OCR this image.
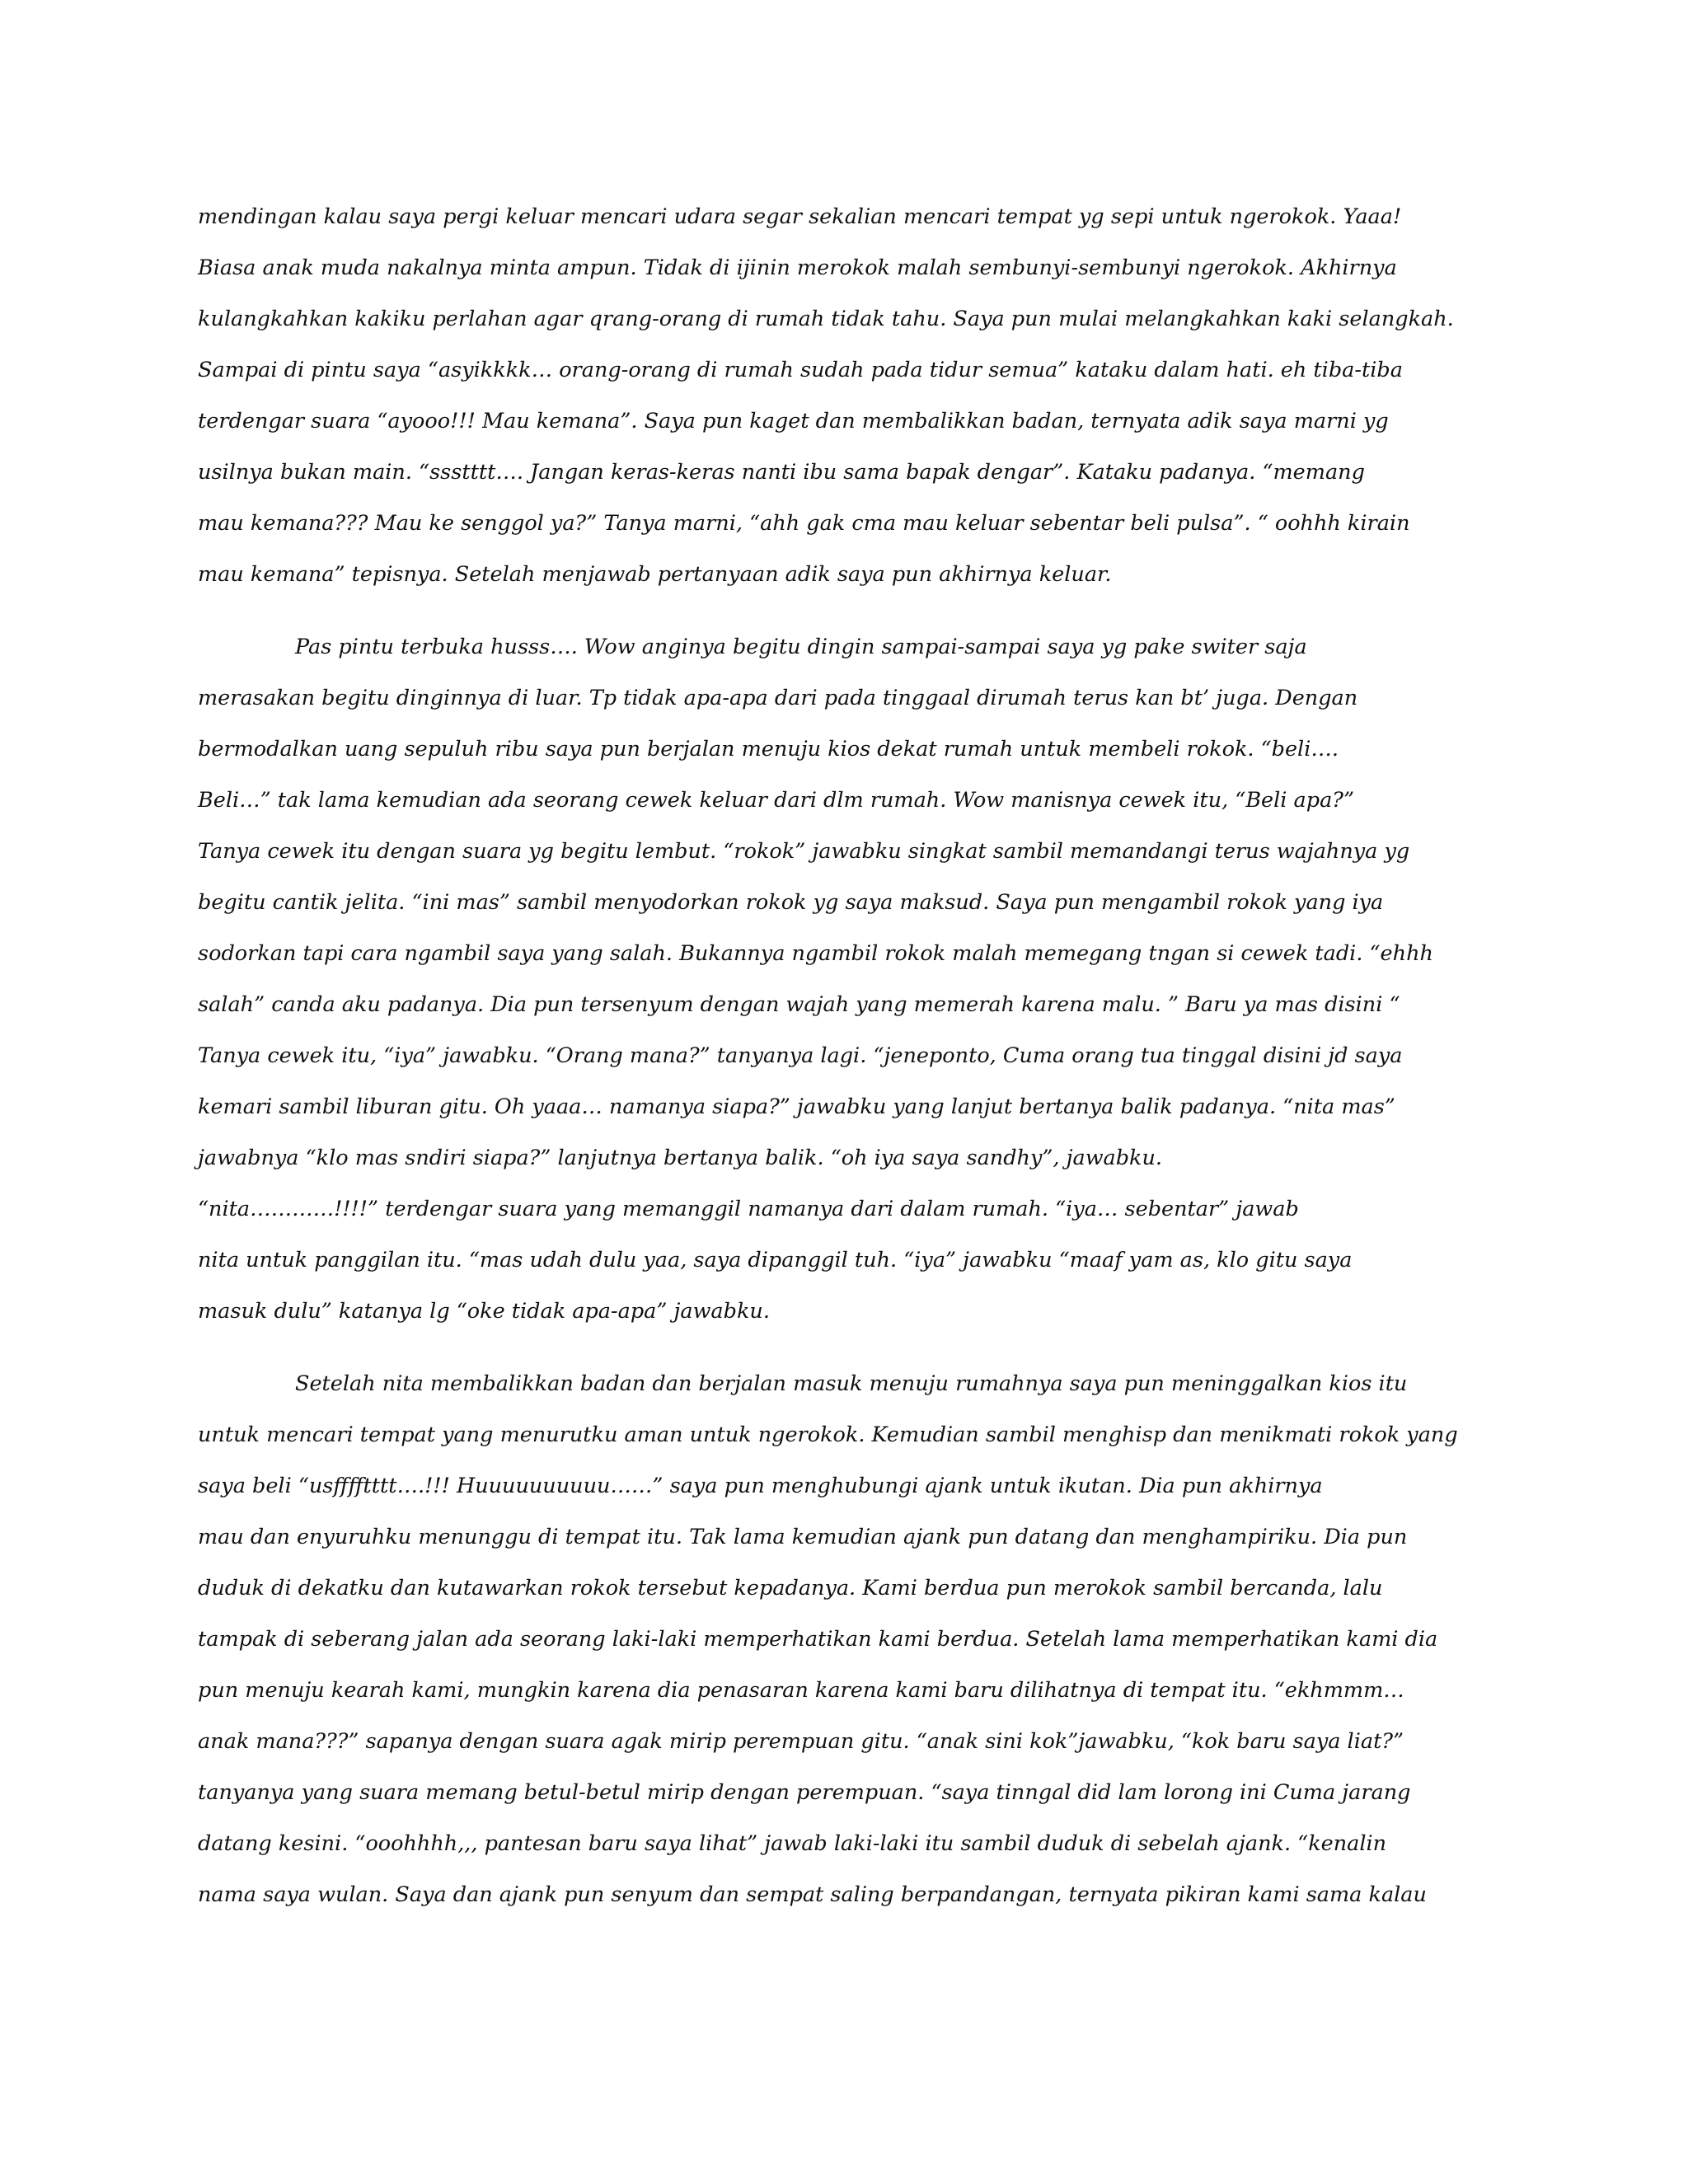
mendingan kalau saya pergi keluar mencari udara segar sekalian mencari tempat yg sepi untuk ngerokok. Yaaa!
Biasa anak muda nakalnya minta ampun. Tidak di ijinin merokok malah sembunyi-sembunyi ngerokok. Akhirnya
kulangkahkan kakiku perlahan agar qrang-orang di rumah tidak tahu. Saya pun mulai melangkahkan kaki selangkah.
Sampai di pintu saya “asyikkkk… orang-orang di rumah sudah pada tidur semua” kataku dalam hati. eh tiba-tiba
terdengar suara “ayooo!!! Mau kemana”. Saya pun kaget dan membalikkan badan, ternyata adik saya marni yg
usilnya bukan main. “ssstttt…. Jangan keras-keras nanti ibu sama bapak dengar”. Kataku padanya. “memang
mau kemana??? Mau ke senggol ya?” Tanya marni, “ahh gak cma mau keluar sebentar beli pulsa”. “ oohhh kirain
mau kemana” tepisnya. Setelah menjawab pertanyaan adik saya pun akhirnya keluar.
Pas pintu terbuka husss…. Wow anginya begitu dingin sampai-sampai saya yg pake switer saja
merasakan begitu dinginnya di luar. Tp tidak apa-apa dari pada tinggaal dirumah terus kan bt’ juga. Dengan
bermodalkan uang sepuluh ribu saya pun berjalan menuju kios dekat rumah untuk membeli rokok. “beli….
Beli…” tak lama kemudian ada seorang cewek keluar dari dlm rumah. Wow manisnya cewek itu, “Beli apa?”
Tanya cewek itu dengan suara yg begitu lembut. “rokok” jawabku singkat sambil memandangi terus wajahnya yg
begitu cantik jelita. “ini mas” sambil menyodorkan rokok yg saya maksud. Saya pun mengambil rokok yang iya
sodorkan tapi cara ngambil saya yang salah. Bukannya ngambil rokok malah memegang tngan si cewek tadi. “ehhh
salah” canda aku padanya. Dia pun tersenyum dengan wajah yang memerah karena malu. ” Baru ya mas disini “
Tanya cewek itu, “iya” jawabku. “Orang mana?” tanyanya lagi. “jeneponto, Cuma orang tua tinggal disini jd saya
kemari sambil liburan gitu. Oh yaaa… namanya siapa?” jawabku yang lanjut bertanya balik padanya. “nita mas”
jawabnya “klo mas sndiri siapa?” lanjutnya bertanya balik. “oh iya saya sandhy”, jawabku.
“nita…………!!!!” terdengar suara yang memanggil namanya dari dalam rumah. “iya… sebentar” jawab
nita untuk panggilan itu. “mas udah dulu yaa, saya dipanggil tuh. “iya” jawabku “maaf yam as, klo gitu saya
masuk dulu” katanya lg “oke tidak apa-apa” jawabku.
Setelah nita membalikkan badan dan berjalan masuk menuju rumahnya saya pun meninggalkan kios itu
untuk mencari tempat yang menurutku aman untuk ngerokok. Kemudian sambil menghisp dan menikmati rokok yang
saya beli “usfffftttt….!!! Huuuuuuuuuu……” saya pun menghubungi ajank untuk ikutan. Dia pun akhirnya
mau dan enyuruhku menunggu di tempat itu. Tak lama kemudian ajank pun datang dan menghampiriku. Dia pun
duduk di dekatku dan kutawarkan rokok tersebut kepadanya. Kami berdua pun merokok sambil bercanda, lalu
tampak di seberang jalan ada seorang laki-laki memperhatikan kami berdua. Setelah lama memperhatikan kami dia
pun menuju kearah kami, mungkin karena dia penasaran karena kami baru dilihatnya di tempat itu. “ekhmmm…
anak mana???” sapanya dengan suara agak mirip perempuan gitu. “anak sini kok”jawabku, “kok baru saya liat?”
tanyanya yang suara memang betul-betul mirip dengan perempuan. “saya tinngal did lam lorong ini Cuma jarang
datang kesini. “ooohhhh,,, pantesan baru saya lihat” jawab laki-laki itu sambil duduk di sebelah ajank. “kenalin
nama saya wulan. Saya dan ajank pun senyum dan sempat saling berpandangan, ternyata pikiran kami sama kalau
